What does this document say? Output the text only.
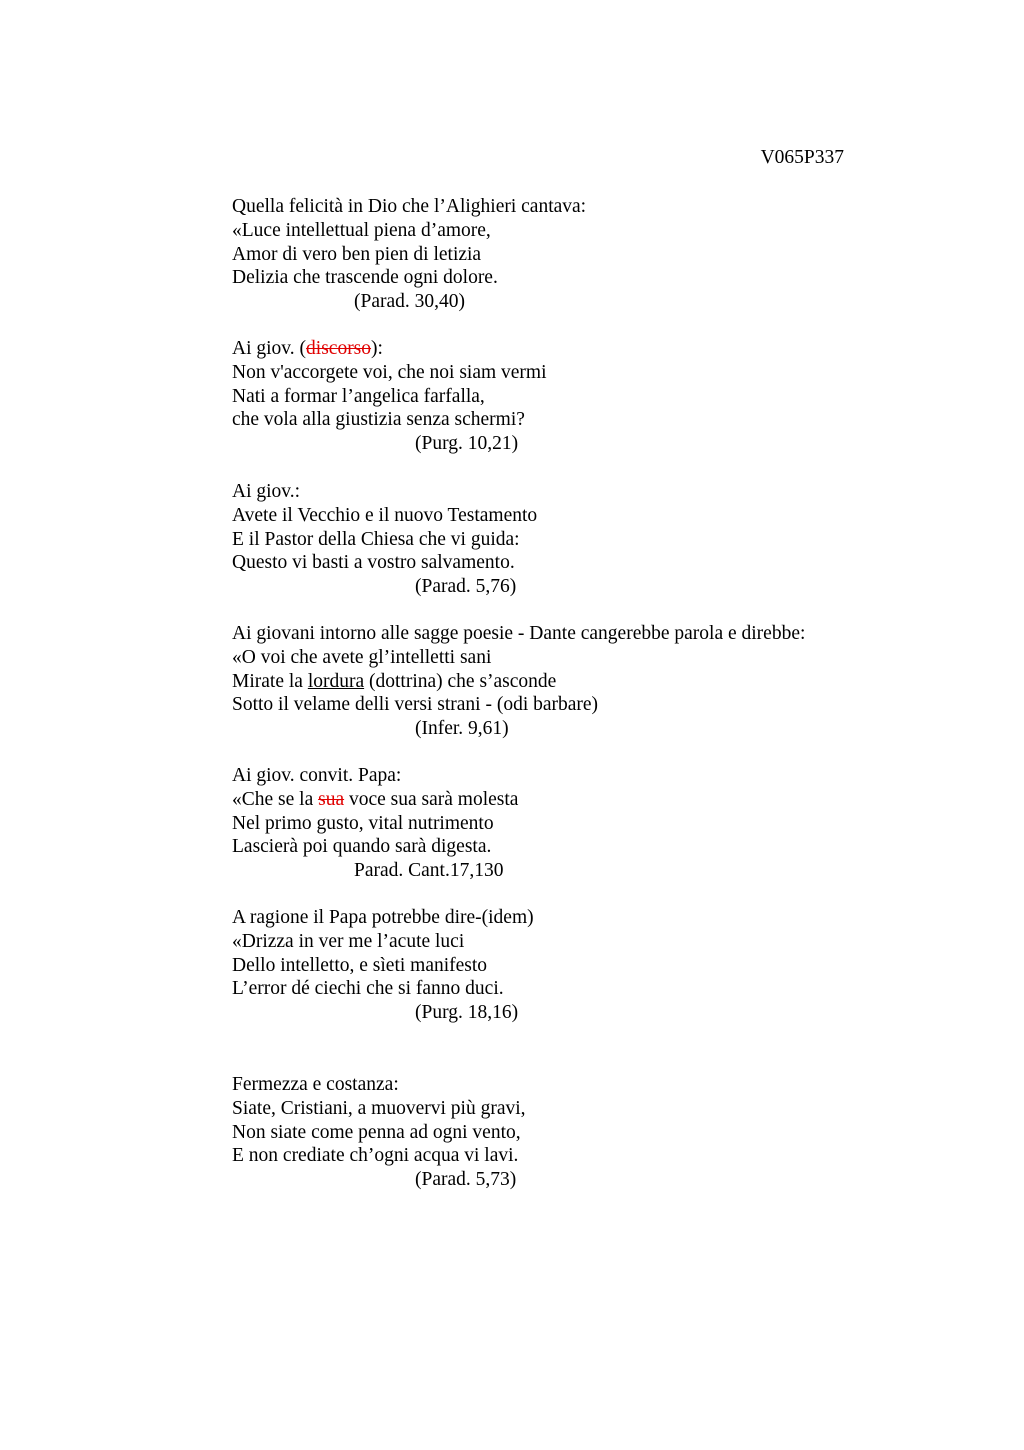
V065P337
Quella felicità in Dio che l’Alighieri cantava:
«Luce intellettual piena d’amore,
Amor di vero ben pien di letizia
Delizia che trascende ogni dolore.
(Parad. 30,40)
Ai giov. (discorso):
Non v'accorgete voi, che noi siam vermi
Nati a formar l’angelica farfalla,
che vola alla giustizia senza schermi?
(Purg. 10,21)
Ai giov.:
Avete il Vecchio e il nuovo Testamento
E il Pastor della Chiesa che vi guida:
Questo vi basti a vostro salvamento.
(Parad. 5,76)
Ai giovani intorno alle sagge poesie - Dante cangerebbe parola e direbbe:
«O voi che avete gl’intelletti sani
Mirate la lordura (dottrina) che s’asconde
Sotto il velame delli versi strani - (odi barbare)
(Infer. 9,61)
Ai giov. convit. Papa:
«Che se la sua voce sua sarà molesta
Nel primo gusto, vital nutrimento
Lascierà poi quando sarà digesta.
Parad. Cant.17,130
A ragione il Papa potrebbe dire-(idem)
«Drizza in ver me l’acute luci
Dello intelletto, e sìeti manifesto
L’error dé ciechi che si fanno duci.
(Purg. 18,16)
Fermezza e costanza:
Siate, Cristiani, a muovervi più gravi,
Non siate come penna ad ogni vento,
E non crediate ch’ogni acqua vi lavi.
(Parad. 5,73)
